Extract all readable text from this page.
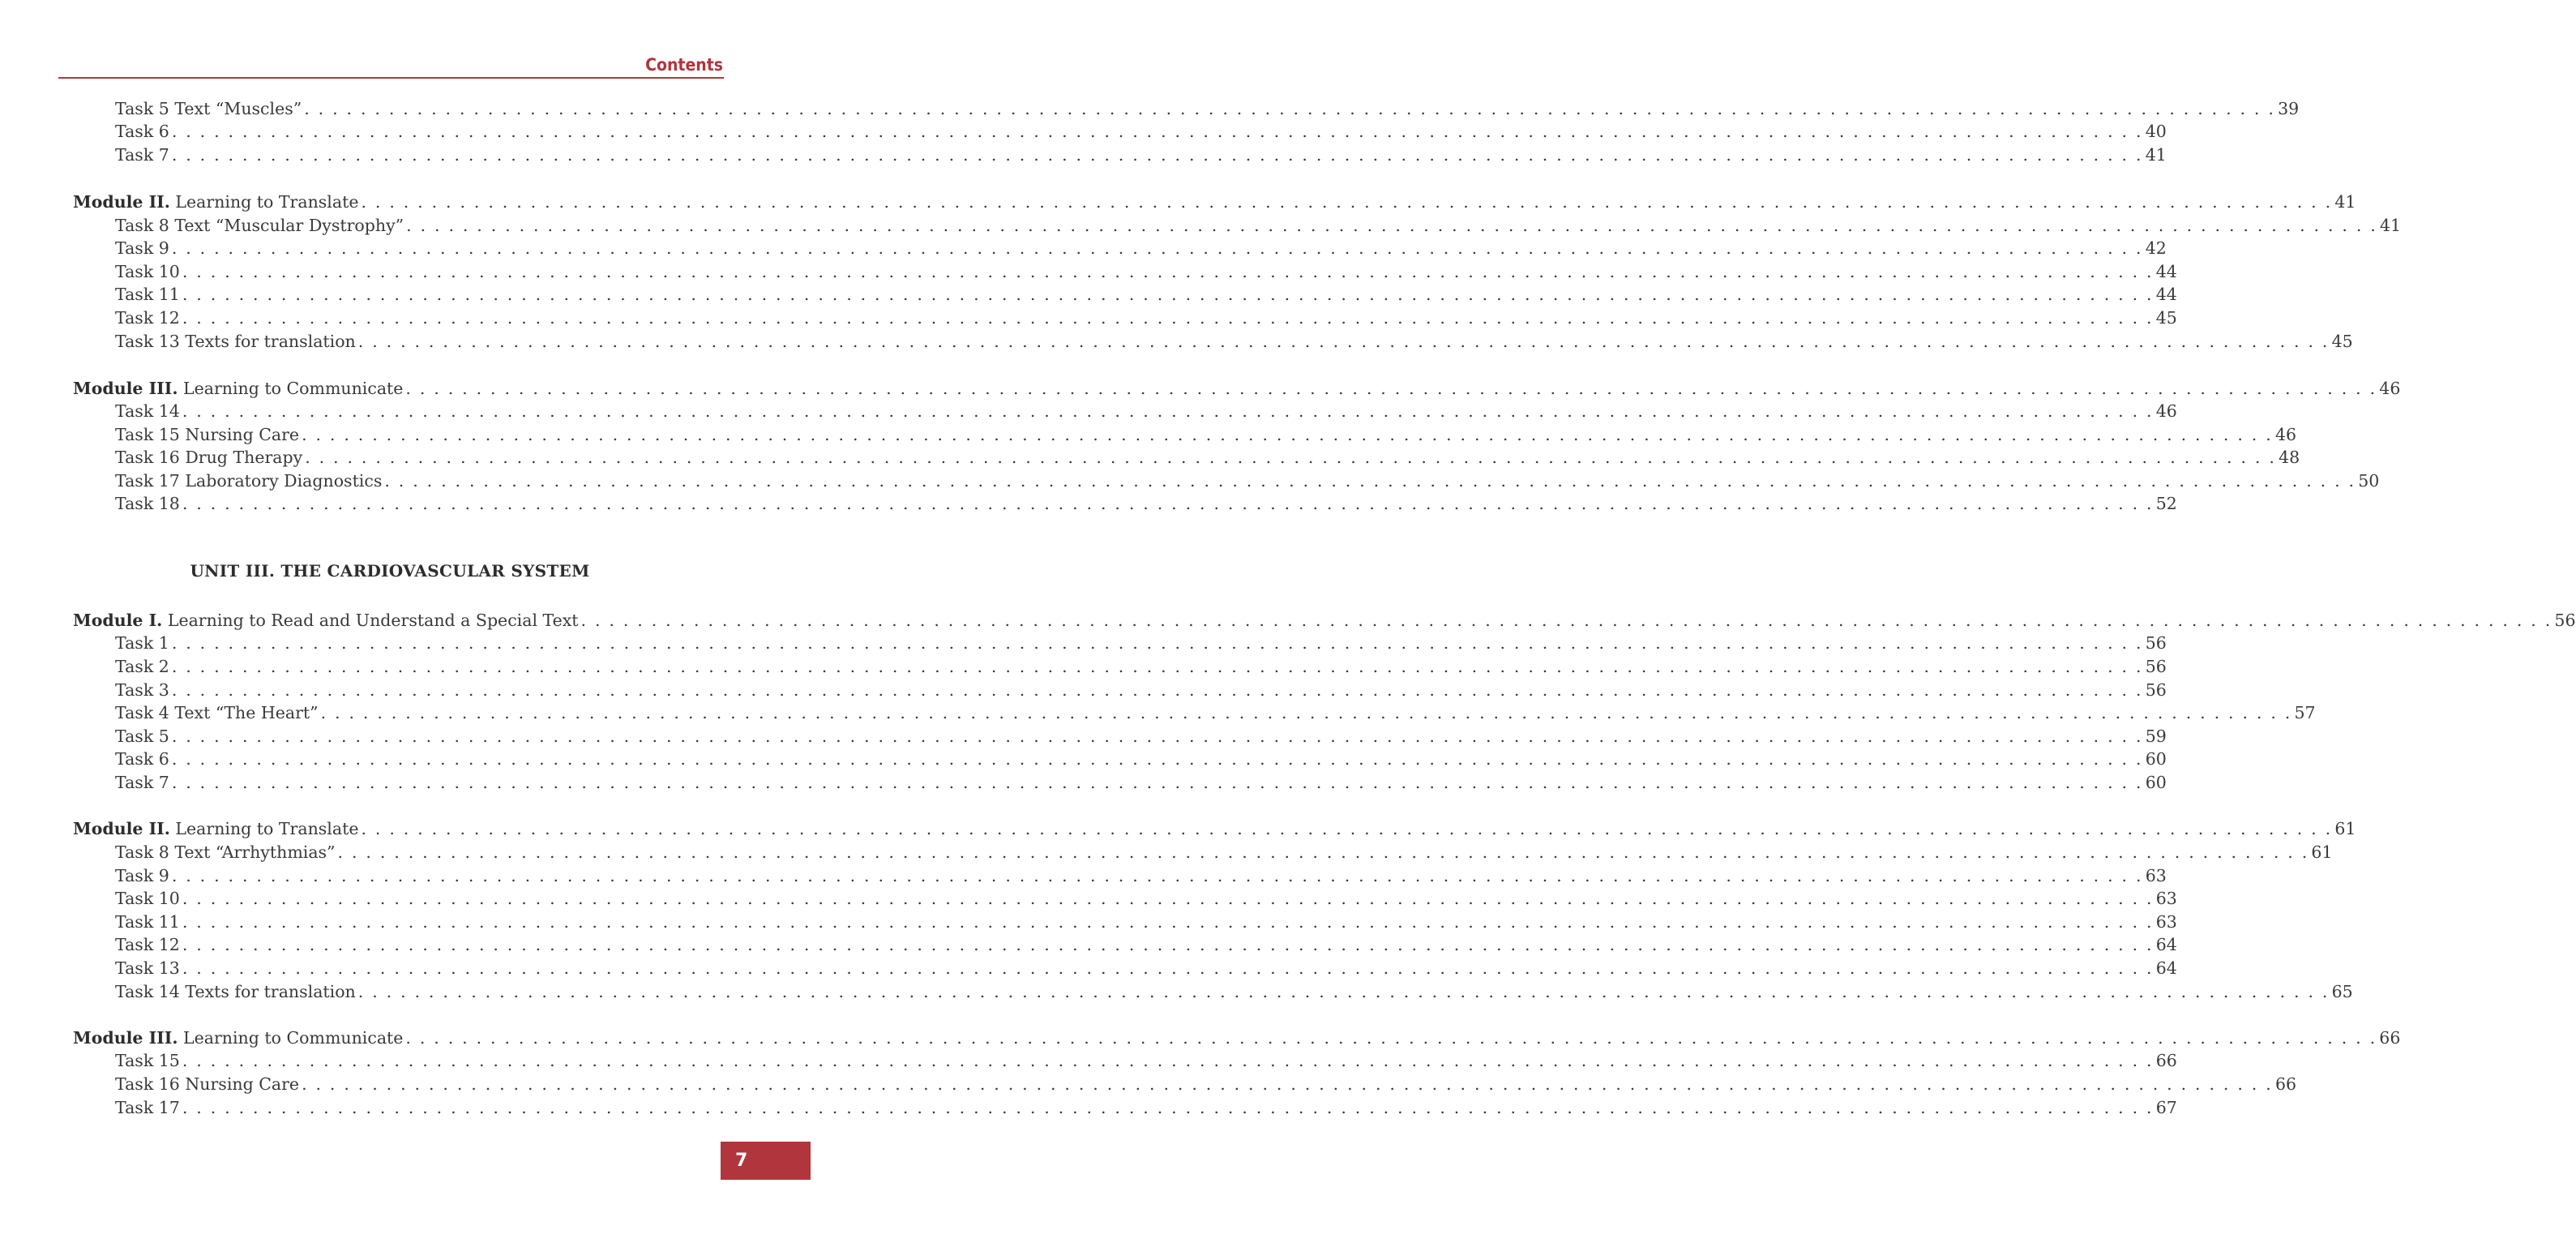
Contents
Task 5 Text “Muscles” . . . . . . . . . . . . . . . . . . . . . . . . . . . . . . . . . . . . . . . . . . . . . . . . . . . . . . . . . . . . . . . . . . . . . . . . . . . . . . . . . . . . . . . . . . . . . . . . . . . . . . . . . . . . . . . . . . . . . . . . . . . . . . . . . . . . . . . . . . . . 39
Task 6 . . . . . . . . . . . . . . . . . . . . . . . . . . . . . . . . . . . . . . . . . . . . . . . . . . . . . . . . . . . . . . . . . . . . . . . . . . . . . . . . . . . . . . . . . . . . . . . . . . . . . . . . . . . . . . . . . . . . . . . . . . . . . . . . . . . . . . . . . . . . 40
Task 7 . . . . . . . . . . . . . . . . . . . . . . . . . . . . . . . . . . . . . . . . . . . . . . . . . . . . . . . . . . . . . . . . . . . . . . . . . . . . . . . . . . . . . . . . . . . . . . . . . . . . . . . . . . . . . . . . . . . . . . . . . . . . . . . . . . . . . . . . . . . . 41
Module II.
Learning to Translate . . . . . . . . . . . . . . . . . . . . . . . . . . . . . . . . . . . . . . . . . . . . . . . . . . . . . . . . . . . . . . . . . . . . . . . . . . . . . . . . . . . . . . . . . . . . . . . . . . . . . . . . . . . . . . . . . . . . . . . . . . . . . . . . . . . . . . . . . . . . 41
Task 8 Text “Muscular Dystrophy” . . . . . . . . . . . . . . . . . . . . . . . . . . . . . . . . . . . . . . . . . . . . . . . . . . . . . . . . . . . . . . . . . . . . . . . . . . . . . . . . . . . . . . . . . . . . . . . . . . . . . . . . . . . . . . . . . . . . . . . . . . . . . . . . . . . . . . . . . . . . 41
Task 9 . . . . . . . . . . . . . . . . . . . . . . . . . . . . . . . . . . . . . . . . . . . . . . . . . . . . . . . . . . . . . . . . . . . . . . . . . . . . . . . . . . . . . . . . . . . . . . . . . . . . . . . . . . . . . . . . . . . . . . . . . . . . . . . . . . . . . . . . . . . . 42
Task 10 . . . . . . . . . . . . . . . . . . . . . . . . . . . . . . . . . . . . . . . . . . . . . . . . . . . . . . . . . . . . . . . . . . . . . . . . . . . . . . . . . . . . . . . . . . . . . . . . . . . . . . . . . . . . . . . . . . . . . . . . . . . . . . . . . . . . . . . . . . . . 44
Task 11 . . . . . . . . . . . . . . . . . . . . . . . . . . . . . . . . . . . . . . . . . . . . . . . . . . . . . . . . . . . . . . . . . . . . . . . . . . . . . . . . . . . . . . . . . . . . . . . . . . . . . . . . . . . . . . . . . . . . . . . . . . . . . . . . . . . . . . . . . . . . 44
Task 12 . . . . . . . . . . . . . . . . . . . . . . . . . . . . . . . . . . . . . . . . . . . . . . . . . . . . . . . . . . . . . . . . . . . . . . . . . . . . . . . . . . . . . . . . . . . . . . . . . . . . . . . . . . . . . . . . . . . . . . . . . . . . . . . . . . . . . . . . . . . . 45
Task 13 Texts for translation . . . . . . . . . . . . . . . . . . . . . . . . . . . . . . . . . . . . . . . . . . . . . . . . . . . . . . . . . . . . . . . . . . . . . . . . . . . . . . . . . . . . . . . . . . . . . . . . . . . . . . . . . . . . . . . . . . . . . . . . . . . . . . . . . . . . . . . . . . . . 45
Module III.
Learning to Communicate . . . . . . . . . . . . . . . . . . . . . . . . . . . . . . . . . . . . . . . . . . . . . . . . . . . . . . . . . . . . . . . . . . . . . . . . . . . . . . . . . . . . . . . . . . . . . . . . . . . . . . . . . . . . . . . . . . . . . . . . . . . . . . . . . . . . . . . . . . . . 46
Task 14 . . . . . . . . . . . . . . . . . . . . . . . . . . . . . . . . . . . . . . . . . . . . . . . . . . . . . . . . . . . . . . . . . . . . . . . . . . . . . . . . . . . . . . . . . . . . . . . . . . . . . . . . . . . . . . . . . . . . . . . . . . . . . . . . . . . . . . . . . . . . 46
Task 15 Nursing Care . . . . . . . . . . . . . . . . . . . . . . . . . . . . . . . . . . . . . . . . . . . . . . . . . . . . . . . . . . . . . . . . . . . . . . . . . . . . . . . . . . . . . . . . . . . . . . . . . . . . . . . . . . . . . . . . . . . . . . . . . . . . . . . . . . . . . . . . . . . . 46
Task 16 Drug Therapy . . . . . . . . . . . . . . . . . . . . . . . . . . . . . . . . . . . . . . . . . . . . . . . . . . . . . . . . . . . . . . . . . . . . . . . . . . . . . . . . . . . . . . . . . . . . . . . . . . . . . . . . . . . . . . . . . . . . . . . . . . . . . . . . . . . . . . . . . . . . 48
Task 17 Laboratory Diagnostics . . . . . . . . . . . . . . . . . . . . . . . . . . . . . . . . . . . . . . . . . . . . . . . . . . . . . . . . . . . . . . . . . . . . . . . . . . . . . . . . . . . . . . . . . . . . . . . . . . . . . . . . . . . . . . . . . . . . . . . . . . . . . . . . . . . . . . . . . . . . 50
Task 18 . . . . . . . . . . . . . . . . . . . . . . . . . . . . . . . . . . . . . . . . . . . . . . . . . . . . . . . . . . . . . . . . . . . . . . . . . . . . . . . . . . . . . . . . . . . . . . . . . . . . . . . . . . . . . . . . . . . . . . . . . . . . . . . . . . . . . . . . . . . . 52
Module I.
Learning to Read and Understand a Special Text . . . . . . . . . . . . . . . . . . . . . . . . . . . . . . . . . . . . . . . . . . . . . . . . . . . . . . . . . . . . . . . . . . . . . . . . . . . . . . . . . . . . . . . . . . . . . . . . . . . . . . . . . . . . . . . . . . . . . . . . . . . . . . . . . . . . . . . . . . . . 56
Task 1 . . . . . . . . . . . . . . . . . . . . . . . . . . . . . . . . . . . . . . . . . . . . . . . . . . . . . . . . . . . . . . . . . . . . . . . . . . . . . . . . . . . . . . . . . . . . . . . . . . . . . . . . . . . . . . . . . . . . . . . . . . . . . . . . . . . . . . . . . . . . 56
Task 2 . . . . . . . . . . . . . . . . . . . . . . . . . . . . . . . . . . . . . . . . . . . . . . . . . . . . . . . . . . . . . . . . . . . . . . . . . . . . . . . . . . . . . . . . . . . . . . . . . . . . . . . . . . . . . . . . . . . . . . . . . . . . . . . . . . . . . . . . . . . . 56
Task 3 . . . . . . . . . . . . . . . . . . . . . . . . . . . . . . . . . . . . . . . . . . . . . . . . . . . . . . . . . . . . . . . . . . . . . . . . . . . . . . . . . . . . . . . . . . . . . . . . . . . . . . . . . . . . . . . . . . . . . . . . . . . . . . . . . . . . . . . . . . . . 56
Task 4 Text “The Heart” . . . . . . . . . . . . . . . . . . . . . . . . . . . . . . . . . . . . . . . . . . . . . . . . . . . . . . . . . . . . . . . . . . . . . . . . . . . . . . . . . . . . . . . . . . . . . . . . . . . . . . . . . . . . . . . . . . . . . . . . . . . . . . . . . . . . . . . . . . . . 57
Task 5 . . . . . . . . . . . . . . . . . . . . . . . . . . . . . . . . . . . . . . . . . . . . . . . . . . . . . . . . . . . . . . . . . . . . . . . . . . . . . . . . . . . . . . . . . . . . . . . . . . . . . . . . . . . . . . . . . . . . . . . . . . . . . . . . . . . . . . . . . . . . 59
Task 6 . . . . . . . . . . . . . . . . . . . . . . . . . . . . . . . . . . . . . . . . . . . . . . . . . . . . . . . . . . . . . . . . . . . . . . . . . . . . . . . . . . . . . . . . . . . . . . . . . . . . . . . . . . . . . . . . . . . . . . . . . . . . . . . . . . . . . . . . . . . . 60
Task 7 . . . . . . . . . . . . . . . . . . . . . . . . . . . . . . . . . . . . . . . . . . . . . . . . . . . . . . . . . . . . . . . . . . . . . . . . . . . . . . . . . . . . . . . . . . . . . . . . . . . . . . . . . . . . . . . . . . . . . . . . . . . . . . . . . . . . . . . . . . . . 60
Module II.
Learning to Translate . . . . . . . . . . . . . . . . . . . . . . . . . . . . . . . . . . . . . . . . . . . . . . . . . . . . . . . . . . . . . . . . . . . . . . . . . . . . . . . . . . . . . . . . . . . . . . . . . . . . . . . . . . . . . . . . . . . . . . . . . . . . . . . . . . . . . . . . . . . . 61
Task 8 Text “Arrhythmias” . . . . . . . . . . . . . . . . . . . . . . . . . . . . . . . . . . . . . . . . . . . . . . . . . . . . . . . . . . . . . . . . . . . . . . . . . . . . . . . . . . . . . . . . . . . . . . . . . . . . . . . . . . . . . . . . . . . . . . . . . . . . . . . . . . . . . . . . . . . . 61
Task 9 . . . . . . . . . . . . . . . . . . . . . . . . . . . . . . . . . . . . . . . . . . . . . . . . . . . . . . . . . . . . . . . . . . . . . . . . . . . . . . . . . . . . . . . . . . . . . . . . . . . . . . . . . . . . . . . . . . . . . . . . . . . . . . . . . . . . . . . . . . . . 63
Task 10 . . . . . . . . . . . . . . . . . . . . . . . . . . . . . . . . . . . . . . . . . . . . . . . . . . . . . . . . . . . . . . . . . . . . . . . . . . . . . . . . . . . . . . . . . . . . . . . . . . . . . . . . . . . . . . . . . . . . . . . . . . . . . . . . . . . . . . . . . . . . 63
Task 11 . . . . . . . . . . . . . . . . . . . . . . . . . . . . . . . . . . . . . . . . . . . . . . . . . . . . . . . . . . . . . . . . . . . . . . . . . . . . . . . . . . . . . . . . . . . . . . . . . . . . . . . . . . . . . . . . . . . . . . . . . . . . . . . . . . . . . . . . . . . . 63
Task 12 . . . . . . . . . . . . . . . . . . . . . . . . . . . . . . . . . . . . . . . . . . . . . . . . . . . . . . . . . . . . . . . . . . . . . . . . . . . . . . . . . . . . . . . . . . . . . . . . . . . . . . . . . . . . . . . . . . . . . . . . . . . . . . . . . . . . . . . . . . . . 64
Task 13 . . . . . . . . . . . . . . . . . . . . . . . . . . . . . . . . . . . . . . . . . . . . . . . . . . . . . . . . . . . . . . . . . . . . . . . . . . . . . . . . . . . . . . . . . . . . . . . . . . . . . . . . . . . . . . . . . . . . . . . . . . . . . . . . . . . . . . . . . . . . 64
Task 14 Texts for translation . . . . . . . . . . . . . . . . . . . . . . . . . . . . . . . . . . . . . . . . . . . . . . . . . . . . . . . . . . . . . . . . . . . . . . . . . . . . . . . . . . . . . . . . . . . . . . . . . . . . . . . . . . . . . . . . . . . . . . . . . . . . . . . . . . . . . . . . . . . . 65
Module III.
Learning to Communicate . . . . . . . . . . . . . . . . . . . . . . . . . . . . . . . . . . . . . . . . . . . . . . . . . . . . . . . . . . . . . . . . . . . . . . . . . . . . . . . . . . . . . . . . . . . . . . . . . . . . . . . . . . . . . . . . . . . . . . . . . . . . . . . . . . . . . . . . . . . . 66
Task 15 . . . . . . . . . . . . . . . . . . . . . . . . . . . . . . . . . . . . . . . . . . . . . . . . . . . . . . . . . . . . . . . . . . . . . . . . . . . . . . . . . . . . . . . . . . . . . . . . . . . . . . . . . . . . . . . . . . . . . . . . . . . . . . . . . . . . . . . . . . . . 66
Task 16 Nursing Care . . . . . . . . . . . . . . . . . . . . . . . . . . . . . . . . . . . . . . . . . . . . . . . . . . . . . . . . . . . . . . . . . . . . . . . . . . . . . . . . . . . . . . . . . . . . . . . . . . . . . . . . . . . . . . . . . . . . . . . . . . . . . . . . . . . . . . . . . . . . 66
Task 17 . . . . . . . . . . . . . . . . . . . . . . . . . . . . . . . . . . . . . . . . . . . . . . . . . . . . . . . . . . . . . . . . . . . . . . . . . . . . . . . . . . . . . . . . . . . . . . . . . . . . . . . . . . . . . . . . . . . . . . . . . . . . . . . . . . . . . . . . . . . . 67
UNIT III. THE CARDIOVASCULAR SYSTEM
7
